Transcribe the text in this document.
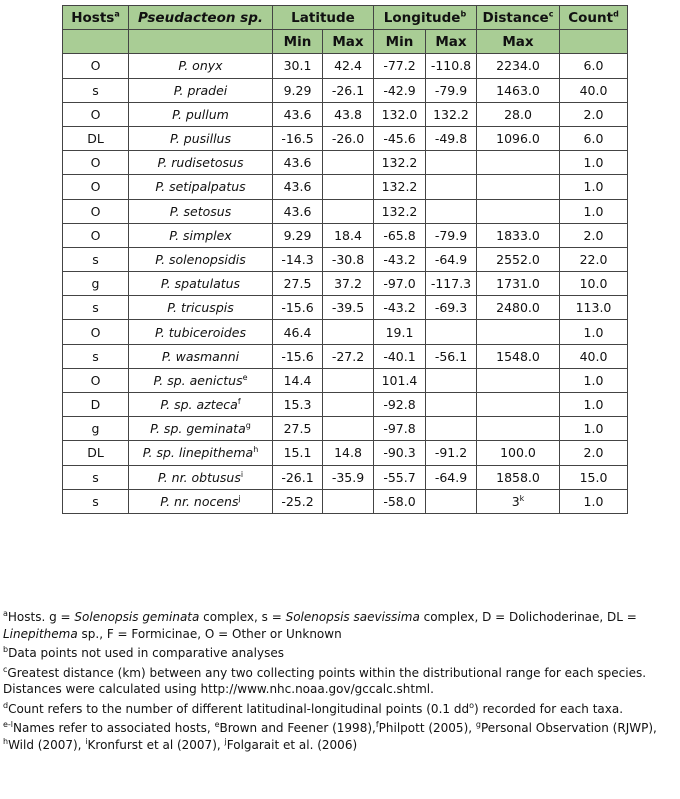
Hosts$^a$	Pseudacteon sp.	Latitude		Longitude$^b$		Distance$^c$	Count$^d$
		Min	Max	Min	Max	Max	
O	P. onyx	30.1	42.4	-77.2	-110.8	2234.0	6.0
s	P. pradei	9.29	-26.1	-42.9	-79.9	1463.0	40.0
O	P. pullum	43.6	43.8	132.0	132.2	28.0	2.0
DL	P. pusillus	-16.5	-26.0	-45.6	-49.8	1096.0	6.0
O	P. rudisetosus	43.6		132.2			1.0
O	P. setipalpatus	43.6		132.2			1.0
O	P. setosus	43.6		132.2			1.0
O	P. simplex	9.29	18.4	-65.8	-79.9	1833.0	2.0
s	P. solenopsidis	-14.3	-30.8	-43.2	-64.9	2552.0	22.0
g	P. spatulatus	27.5	37.2	-97.0	-117.3	1731.0	10.0
s	P. tricuspis	-15.6	-39.5	-43.2	-69.3	2480.0	113.0
O	P. tubiceroides	46.4		19.1			1.0
s	P. wasmanni	-15.6	-27.2	-40.1	-56.1	1548.0	40.0
O	P. sp. aenictus$^e$	14.4		101.4			1.0
D	P. sp. azteca$^f$	15.3		-92.8			1.0
g	P. sp. geminata$^g$	27.5		-97.8			1.0
DL	P. sp. linepithema$^h$	15.1	14.8	-90.3	-91.2	100.0	2.0
s	P. nr. obtusus$^i$	-26.1	-35.9	-55.7	-64.9	1858.0	15.0
s	P. nr. nocens$^j$	-25.2		-58.0		3$^k$	1.0

$^a$Hosts. g = Solenopsis geminata complex, s = Solenopsis saevissima complex, D = Dolichoderinae, DL = Linepithema sp., F = Formicinae, O = Other or Unknown

$^b$Data points not used in comparative analyses

$^c$Greatest distance (km) between any two collecting points within the distributional range for each species. Distances were calculated using http://www.nhc.noaa.gov/gccalc.shtml.

$^d$Count refers to the number of different latitudinal-longitudinal points (0.1 $dd^o$) recorded for each taxa.

$^{e-l}$Names refer to associated hosts, $^e$Brown and Feener (1998),$^f$Philpott (2005), $^g$Personal Observation (RJWP), $^h$Wild (2007), $^i$Kronfurst et al (2007), $^j$Folgarait et al. (2006)
